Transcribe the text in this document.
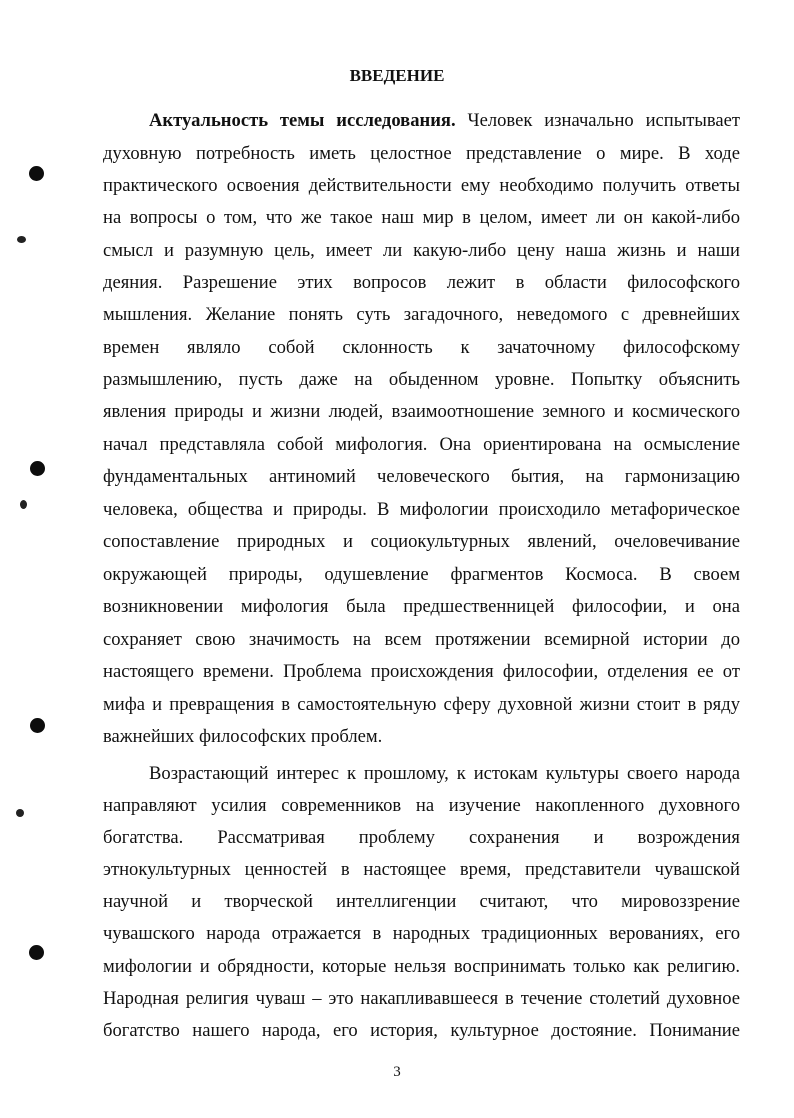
ВВЕДЕНИЕ

Актуальность темы исследования. Человек изначально испытывает

духовную потребность иметь целостное представление о мире. В ходе

практического освоения действительности ему необходимо получить ответы

на вопросы о том, что же такое наш мир в целом, имеет ли он какой-либо

смысл и разумную цель, имеет ли какую-либо цену наша жизнь и наши

деяния. Разрешение этих вопросов лежит в области философского

мышления. Желание понять суть загадочного, неведомого с древнейших

времен являло собой склонность к зачаточному философскому

размышлению, пусть даже на обыденном уровне. Попытку объяснить

явления природы и жизни людей, взаимоотношение земного и космического

начал представляла собой мифология. Она ориентирована на осмысление

фундаментальных антиномий человеческого бытия, на гармонизацию

человека, общества и природы. В мифологии происходило метафорическое

сопоставление природных и социокультурных явлений, очеловечивание

окружающей природы, одушевление фрагментов Космоса. В своем

возникновении мифология была предшественницей философии, и она

сохраняет свою значимость на всем протяжении всемирной истории до

настоящего времени. Проблема происхождения философии, отделения ее от

мифа и превращения в самостоятельную сферу духовной жизни стоит в ряду

важнейших философских проблем.

Возрастающий интерес к прошлому, к истокам культуры своего народа

направляют усилия современников на изучение накопленного духовного

богатства. Рассматривая проблему сохранения и возрождения

этнокультурных ценностей в настоящее время, представители чувашской

научной и творческой интеллигенции считают, что мировоззрение

чувашского народа отражается в народных традиционных верованиях, его

мифологии и обрядности, которые нельзя воспринимать только как религию.

Народная религия чуваш – это накапливавшееся в течение столетий духовное

богатство нашего народа, его история, культурное достояние. Понимание

3
